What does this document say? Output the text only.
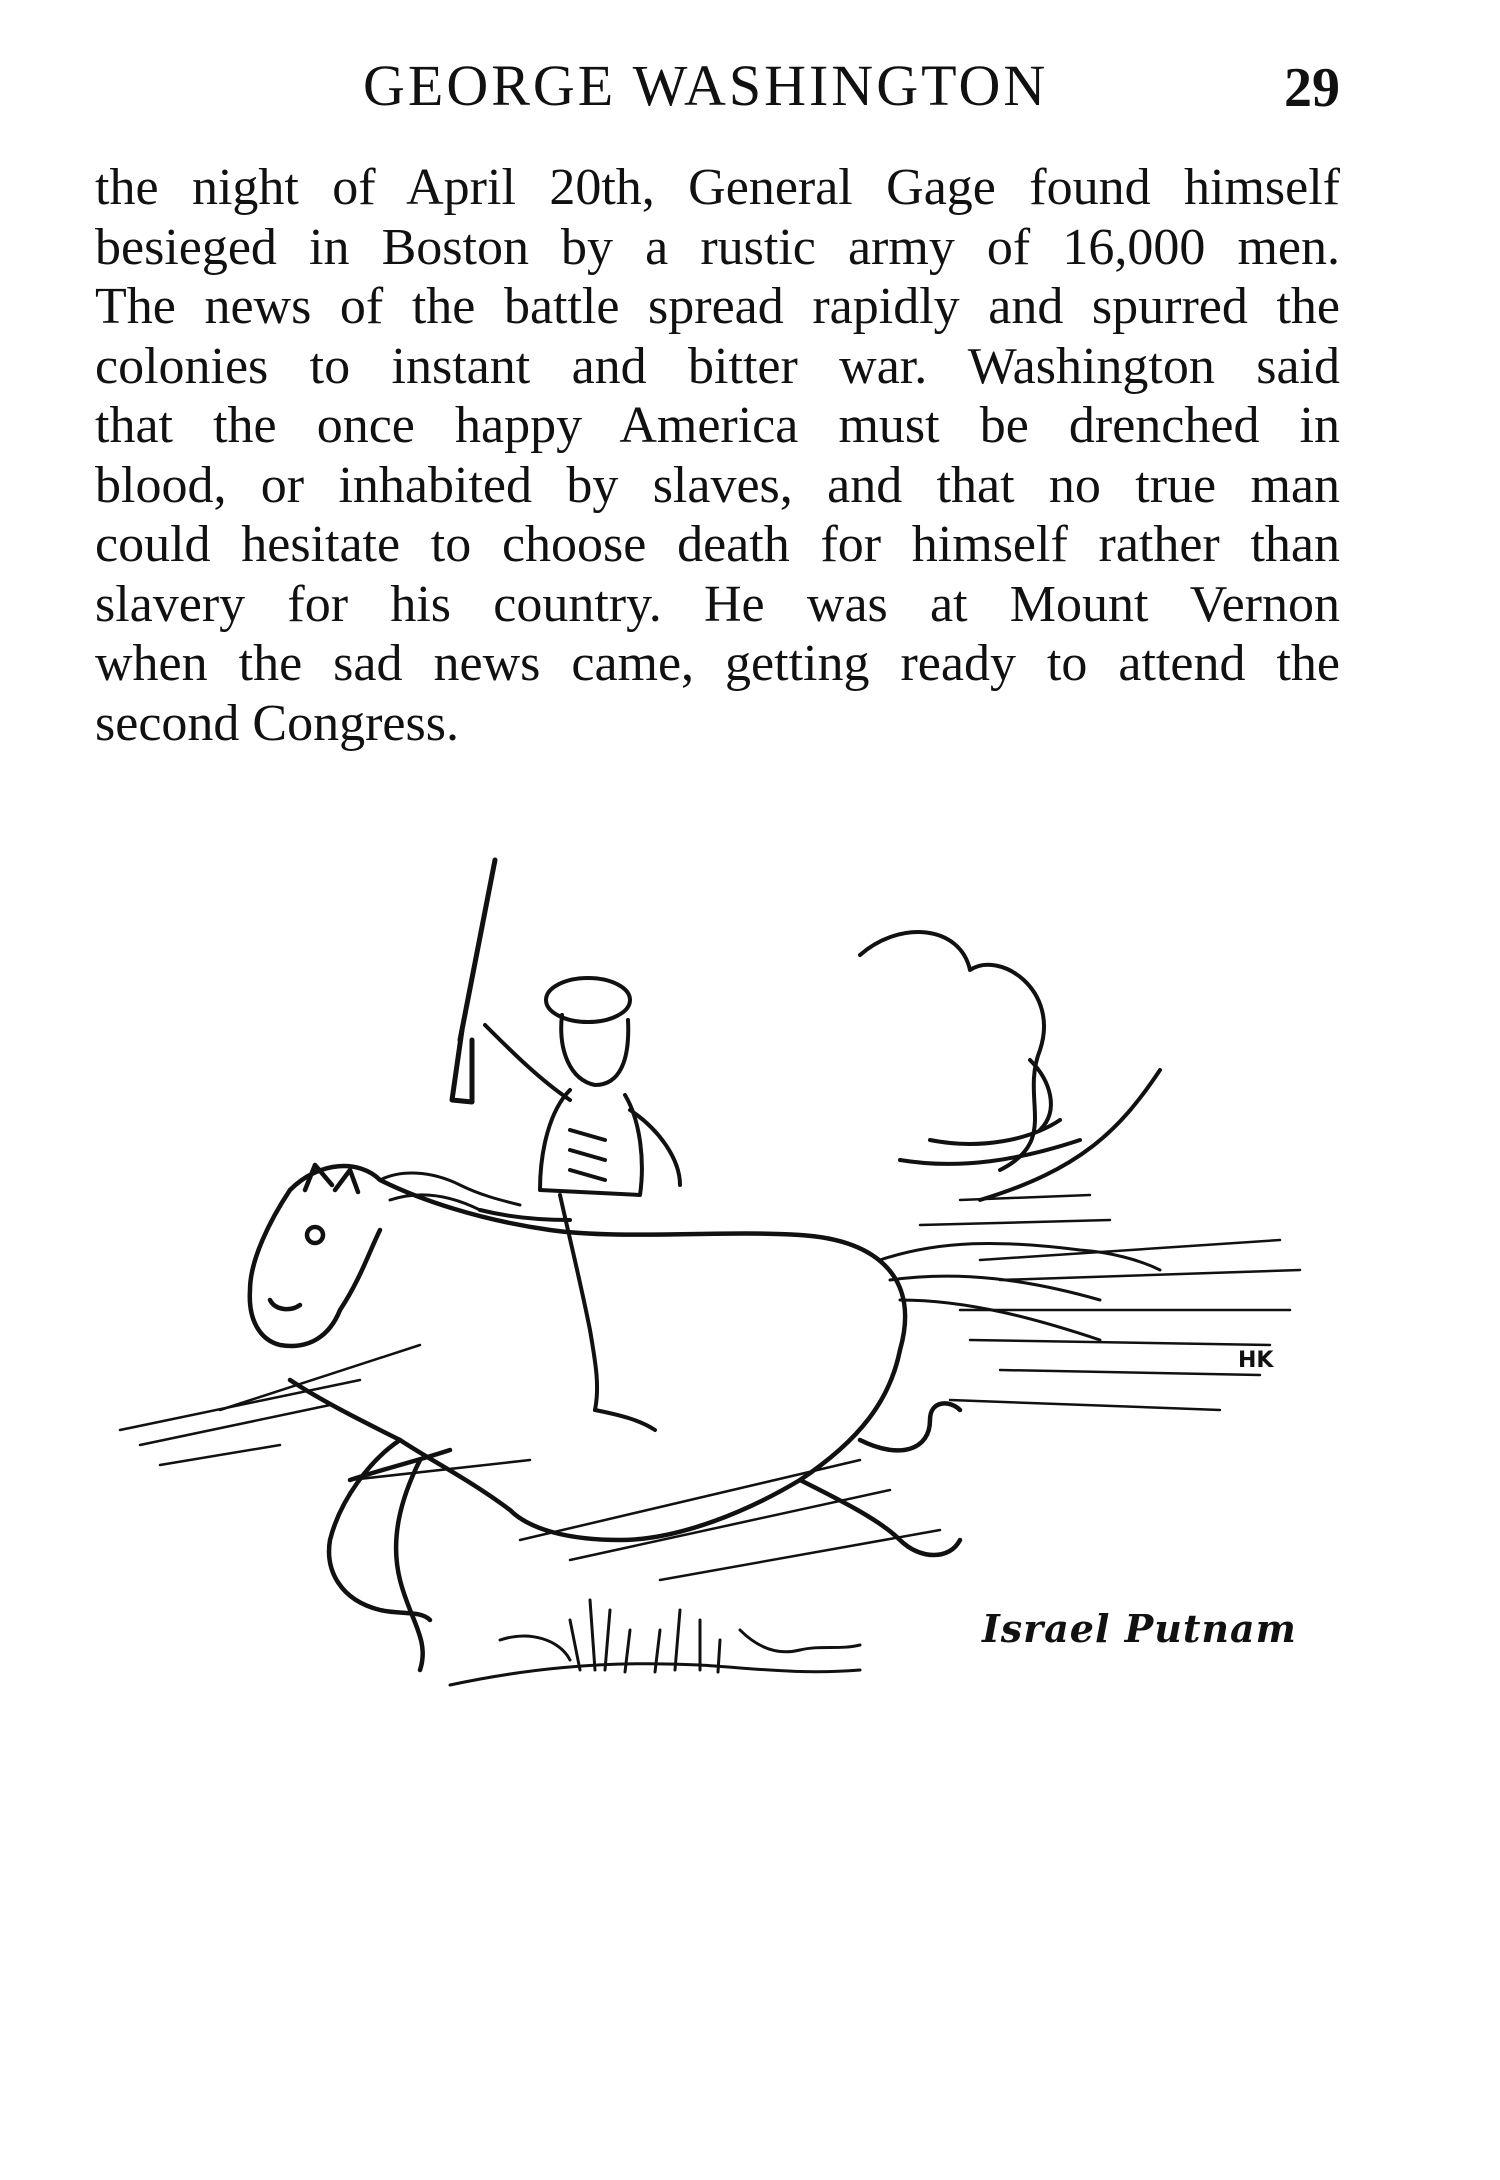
GEORGE WASHINGTON	29
the night of April 20th, General Gage found himself
besieged in Boston by a rustic army of 16,000 men.
The news of the battle spread rapidly and spurred the
colonies to instant and bitter war. Washington said
that the once happy America must be drenched in
blood, or inhabited by slaves, and that no true man
could hesitate to choose death for himself rather than
slavery for his country. He was at Mount Vernon
when the sad news came, getting ready to attend the
second Congress.
HK
Israel Putnam
